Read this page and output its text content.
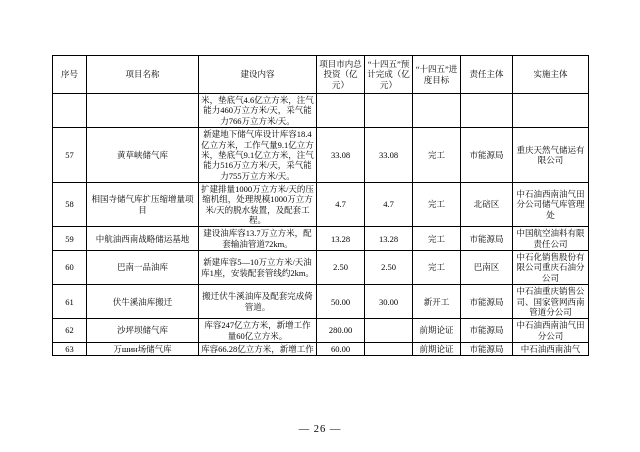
序号	项目名称	建设内容	项目市内总投资（亿元）	“十四五”预计完成（亿元）	“十四五”进度目标	责任主体	实施主体
		米，垫底气4.6亿立方米，注气能力460万立方米/天，采气能力766万立方米/天。					
57	黄草峡储气库	新建地下储气库设计库容18.4亿立方米，工作气量9.1亿立方米，垫底气9.1亿立方米，注气能力516万立方米/天，采气能力755万立方米/天。	33.08	33.08	完工	市能源局	重庆天然气储运有限公司
58	相国寺储气库扩压缩增量项目	扩建排量1000万立方米/天的压缩机组，处理规模1000万立方米/天的脱水装置，及配套工程。	4.7	4.7	完工	北碚区	中石油西南油气田分公司储气库管理处
59	中航油西南战略储运基地	建设油库容13.7万立方米，配套输油管道72km。	13.28	13.28	完工	市能源局	中国航空油料有限责任公司
60	巴南一品油库	新建库容5—10万立方米/天油库1座，安装配套管线约2km。	2.50	2.50	完工	巴南区	中石化销售股份有限公司重庆石油分公司
61	伏牛溪油库搬迁	搬迁伏牛溪油库及配套完成倚管道。	50.00	30.00	新开工	市能源局	中石油重庆销售公司、国家管网西南管道分公司
62	沙坪坝储气库	库容247亿立方米，新增工作量60亿立方米。	280.00		前期论证	市能源局	中石油西南油气田分公司
63	万шин场储气库	库容66.28亿立方米，新增工作	60.00		前期论证	市能源局	中石油西南油气
— 26 —
